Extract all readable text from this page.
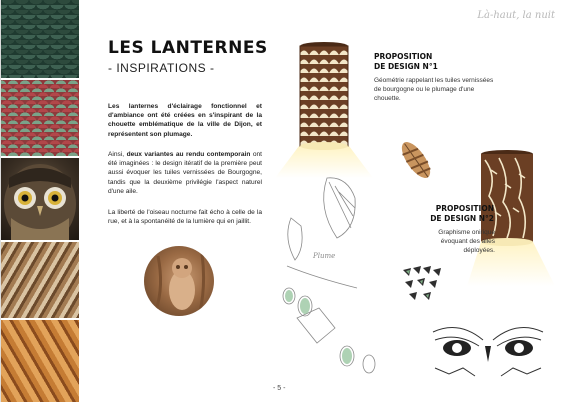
Là-haut, la nuit
LES LANTERNES
- INSPIRATIONS -

Les lanternes d'éclairage fonctionnel et d'ambiance ont été créées en s'inspirant de la chouette emblématique de la ville de Dijon, et représentent son plumage.

Ainsi, deux variantes au rendu contemporain ont été imaginées : le design itératif de la première peut aussi évoquer les tuiles vernissées de Bourgogne, tandis que la deuxième privilégie l'aspect naturel d'une aile.

La liberté de l'oiseau nocturne fait écho à celle de la rue, et à la spontanéité de la lumière qui en jaillit.

PROPOSITION
DE DESIGN N°1
Géométrie rappelant les tuiles vernissées de bourgogne ou le plumage d'une chouette.
Plume
PROPOSITION
DE DESIGN N°2
Graphisme onirique évoquant des ailes déployées.
- 5 -
